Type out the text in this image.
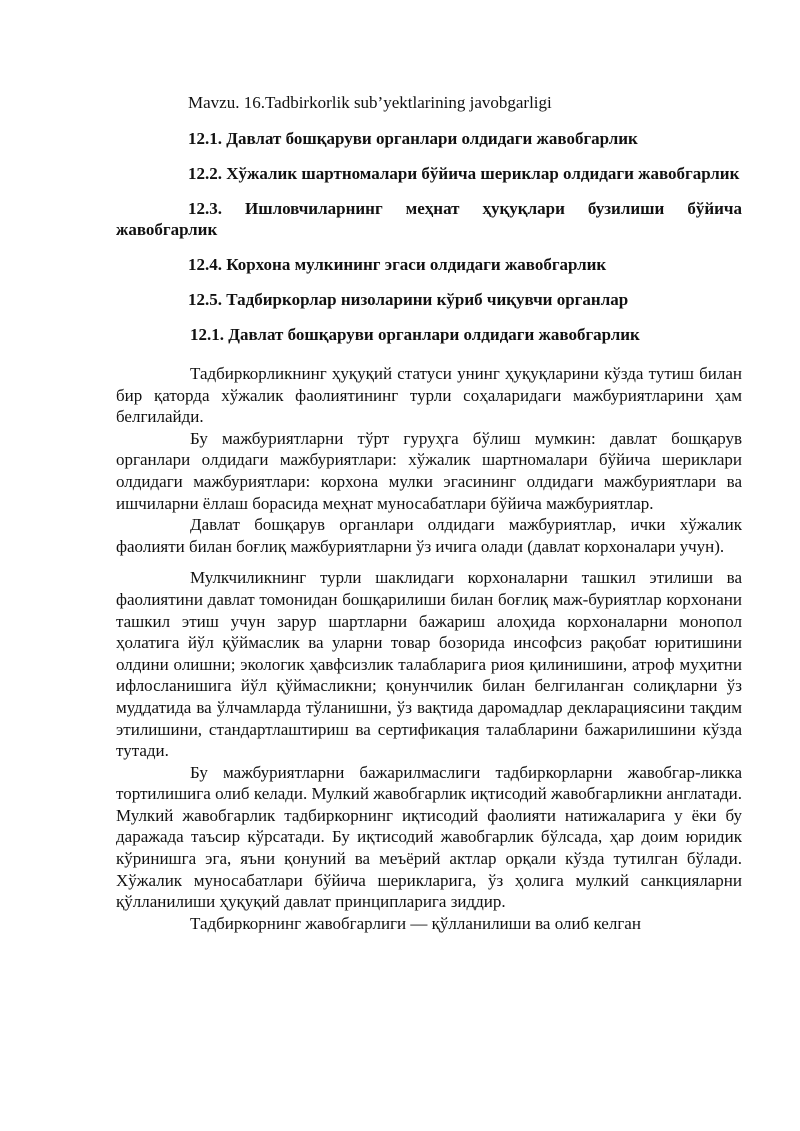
Mavzu. 16.Tadbirkorlik sub’yektlarining javobgarligi

12.1. Давлат бошқаруви органлари олдидаги жавобгарлик

12.2. Хўжалик шартномалари бўйича шериклар олдидаги жавобгарлик

12.3. Ишловчиларнинг меҳнат ҳуқуқлари бузилиши бўйича жавобгарлик

12.4. Корхона мулкининг эгаси олдидаги жавобгарлик

12.5. Тадбиркорлар низоларини кўриб чиқувчи органлар

12.1. Давлат бошқаруви органлари олдидаги жавобгарлик

Тадбиркорликнинг ҳуқуқий статуси унинг ҳуқуқларини кўзда тутиш билан бир қаторда хўжалик фаолиятининг турли соҳаларидаги мажбуриятларини ҳам белгилайди.

Бу мажбуриятларни тўрт гуруҳга бўлиш мумкин: давлат бошқарув органлари олдидаги мажбуриятлари: хўжалик шартномалари бўйича шериклари олдидаги мажбуриятлари: корхона мулки эгасининг олдидаги мажбуриятлари ва ишчиларни ёллаш борасида меҳнат муносабатлари бўйича мажбуриятлар.

Давлат бошқарув органлари олдидаги мажбуриятлар, ички хўжалик фаолияти билан боғлиқ мажбуриятларни ўз ичига олади (давлат корхоналари учун).

Мулкчиликнинг турли шаклидаги корхоналарни ташкил этилиши ва фаолиятини давлат томонидан бошқарилиши билан боғлиқ маж-буриятлар корхонани ташкил этиш учун зарур шартларни бажариш алоҳида корхоналарни монопол ҳолатига йўл қўймаслик ва уларни товар бозорида инсофсиз рақобат юритишини олдини олишни; экологик ҳавфсизлик талабларига риоя қилинишини, атроф муҳитни ифлосланишига йўл қўймасликни; қонунчилик билан белгиланган солиқларни ўз муддатида ва ўлчамларда тўланишни, ўз вақтида даромадлар декларациясини тақдим этилишини, стандартлаштириш ва сертификация талабларини бажарилишини кўзда тутади.

Бу мажбуриятларни бажарилмаслиги тадбиркорларни жавобгар-ликка тортилишига олиб келади. Мулкий жавобгарлик иқтисодий жавобгарликни англатади. Мулкий жавобгарлик тадбиркорнинг иқтисодий фаолияти натижаларига у ёки бу даражада таъсир кўрсатади. Бу иқтисодий жавобгарлик бўлсада, ҳар доим юридик кўринишга эга, яъни қонуний ва меъёрий актлар орқали кўзда тутилган бўлади. Хўжалик муносабатлари бўйича шерикларига, ўз ҳолига мулкий санкцияларни қўлланилиши ҳуқуқий давлат принципларига зиддир.

Тадбиркорнинг жавобгарлиги — қўлланилиши ва олиб келган
